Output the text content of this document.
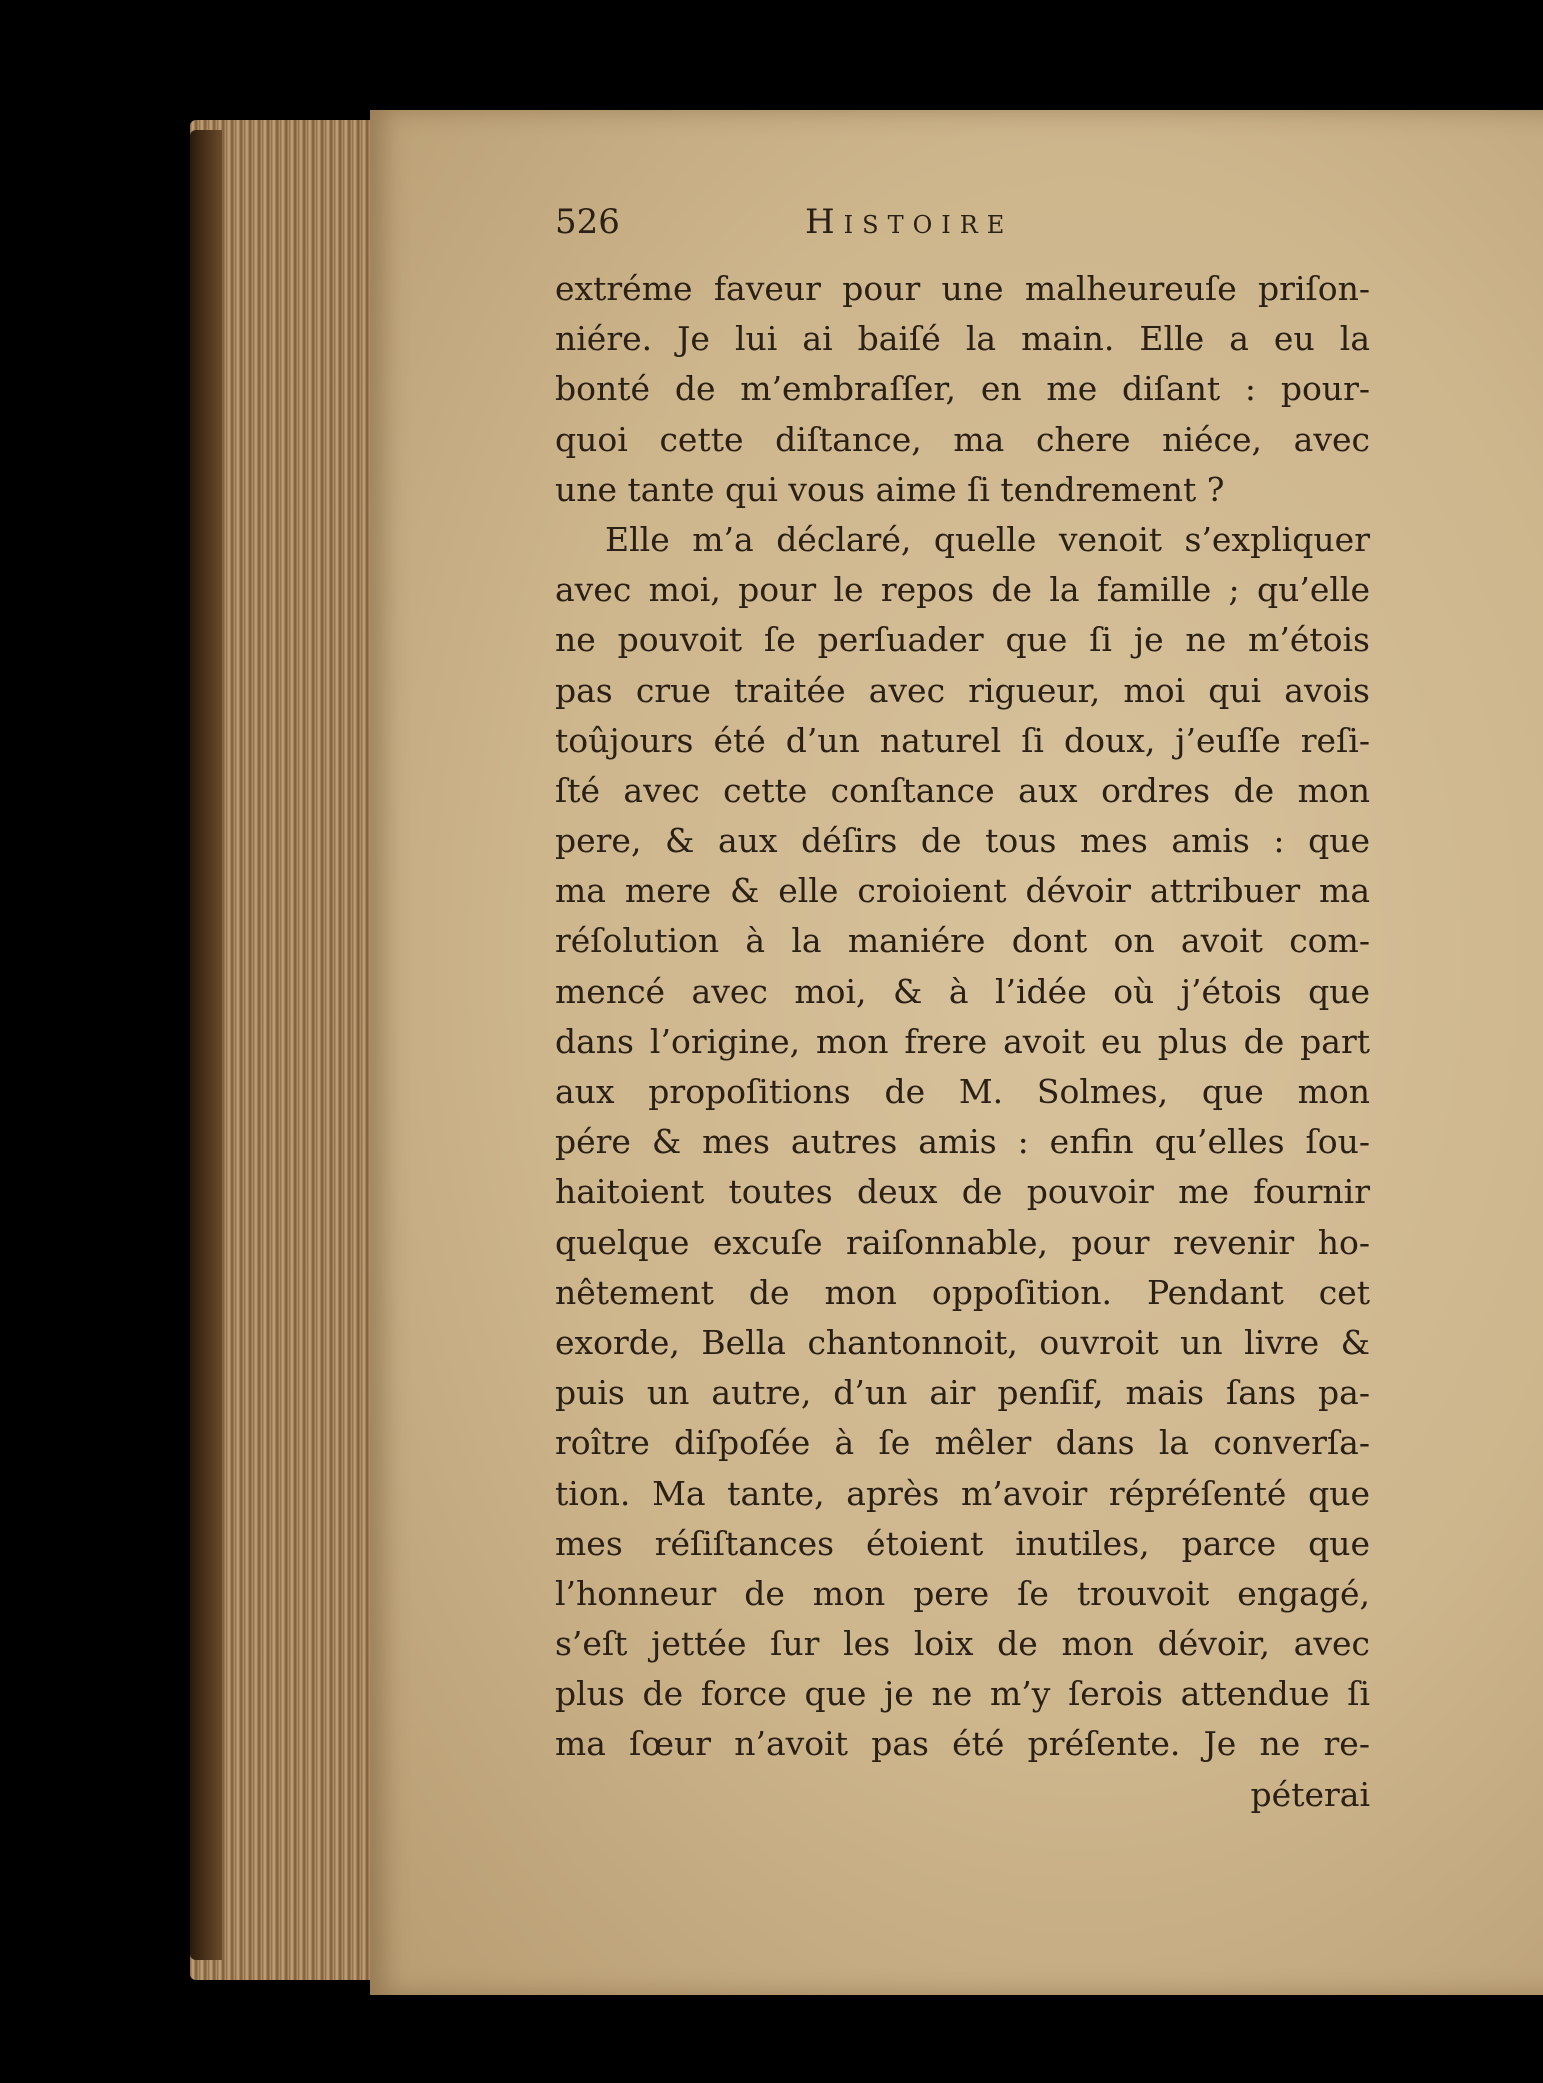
526	Histoire
extréme faveur pour une malheureuſe priſon-
niére. Je lui ai baiſé la main. Elle a eu la
bonté de m’embraſſer, en me diſant : pour-
quoi cette diſtance, ma chere niéce, avec
une tante qui vous aime ſi tendrement ?
Elle m’a déclaré, quelle venoit s’expliquer
avec moi, pour le repos de la famille ; qu’elle
ne pouvoit ſe perſuader que ſi je ne m’étois
pas crue traitée avec rigueur, moi qui avois
toûjours été d’un naturel ſi doux, j’euſſe reſi-
ſté avec cette conſtance aux ordres de mon
pere, & aux déſirs de tous mes amis : que
ma mere & elle croioient dévoir attribuer ma
réſolution à la maniére dont on avoit com-
mencé avec moi, & à l’idée où j’étois que
dans l’origine, mon frere avoit eu plus de part
aux propoſitions de M. Solmes, que mon
pére & mes autres amis : enfin qu’elles ſou-
haitoient toutes deux de pouvoir me fournir
quelque excuſe raiſonnable, pour revenir ho-
nêtement de mon oppoſition. Pendant cet
exorde, Bella chantonnoit, ouvroit un livre &
puis un autre, d’un air penſif, mais ſans pa-
roître diſpoſée à ſe mêler dans la converſa-
tion. Ma tante, après m’avoir répréſenté que
mes réſiſtances étoient inutiles, parce que
l’honneur de mon pere ſe trouvoit engagé,
s’eſt jettée ſur les loix de mon dévoir, avec
plus de force que je ne m’y ſerois attendue ſi
ma ſœur n’avoit pas été préſente. Je ne re-
péterai
